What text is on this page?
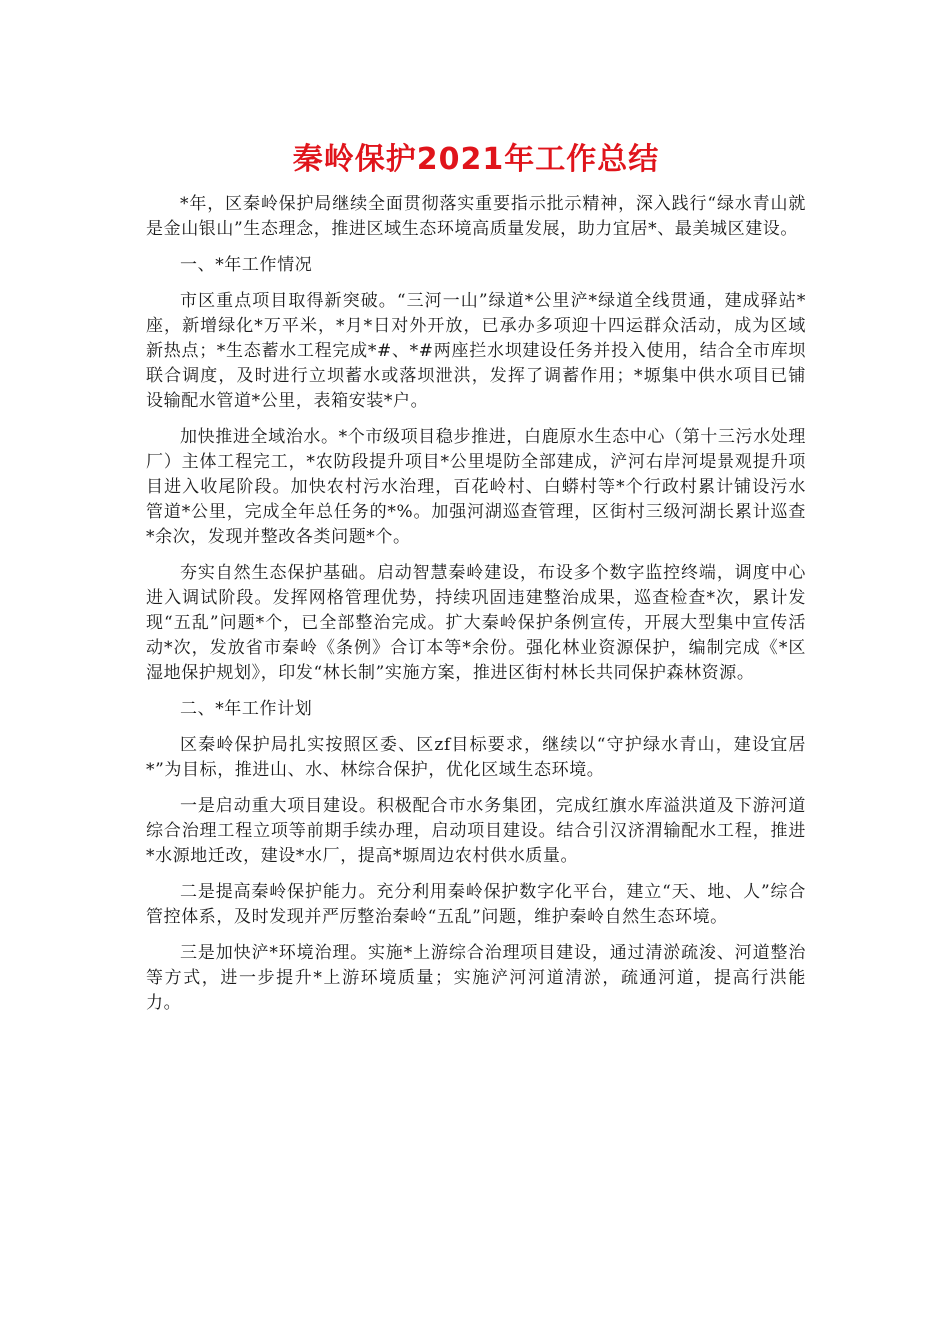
秦岭保护2021年工作总结

*年，区秦岭保护局继续全面贯彻落实重要指示批示精神，深入践行“绿水青山就是金山银山”生态理念，推进区域生态环境高质量发展，助力宜居*、最美城区建设。

一、*年工作情况

市区重点项目取得新突破。“三河一山”绿道*公里浐*绿道全线贯通，建成驿站*座，新增绿化*万平米，*月*日对外开放，已承办多项迎十四运群众活动，成为区域新热点；*生态蓄水工程完成*#、*#两座拦水坝建设任务并投入使用，结合全市库坝联合调度，及时进行立坝蓄水或落坝泄洪，发挥了调蓄作用；*塬集中供水项目已铺设输配水管道*公里，表箱安装*户。

加快推进全域治水。*个市级项目稳步推进，白鹿原水生态中心（第十三污水处理厂）主体工程完工，*农防段提升项目*公里堤防全部建成，浐河右岸河堤景观提升项目进入收尾阶段。加快农村污水治理，百花岭村、白蟒村等*个行政村累计铺设污水管道*公里，完成全年总任务的*%。加强河湖巡查管理，区街村三级河湖长累计巡查*余次，发现并整改各类问题*个。

夯实自然生态保护基础。启动智慧秦岭建设，布设多个数字监控终端，调度中心进入调试阶段。发挥网格管理优势，持续巩固违建整治成果，巡查检查*次，累计发现“五乱”问题*个，已全部整治完成。扩大秦岭保护条例宣传，开展大型集中宣传活动*次，发放省市秦岭《条例》合订本等*余份。强化林业资源保护，编制完成《*区湿地保护规划》，印发“林长制”实施方案，推进区街村林长共同保护森林资源。

二、*年工作计划

区秦岭保护局扎实按照区委、区zf目标要求，继续以“守护绿水青山，建设宜居*”为目标，推进山、水、林综合保护，优化区域生态环境。

一是启动重大项目建设。积极配合市水务集团，完成红旗水库溢洪道及下游河道综合治理工程立项等前期手续办理，启动项目建设。结合引汉济渭输配水工程，推进*水源地迁改，建设*水厂，提高*塬周边农村供水质量。

二是提高秦岭保护能力。充分利用秦岭保护数字化平台，建立“天、地、人”综合管控体系，及时发现并严厉整治秦岭“五乱”问题，维护秦岭自然生态环境。

三是加快浐*环境治理。实施*上游综合治理项目建设，通过清淤疏浚、河道整治等方式，进一步提升*上游环境质量；实施浐河河道清淤，疏通河道，提高行洪能力。
